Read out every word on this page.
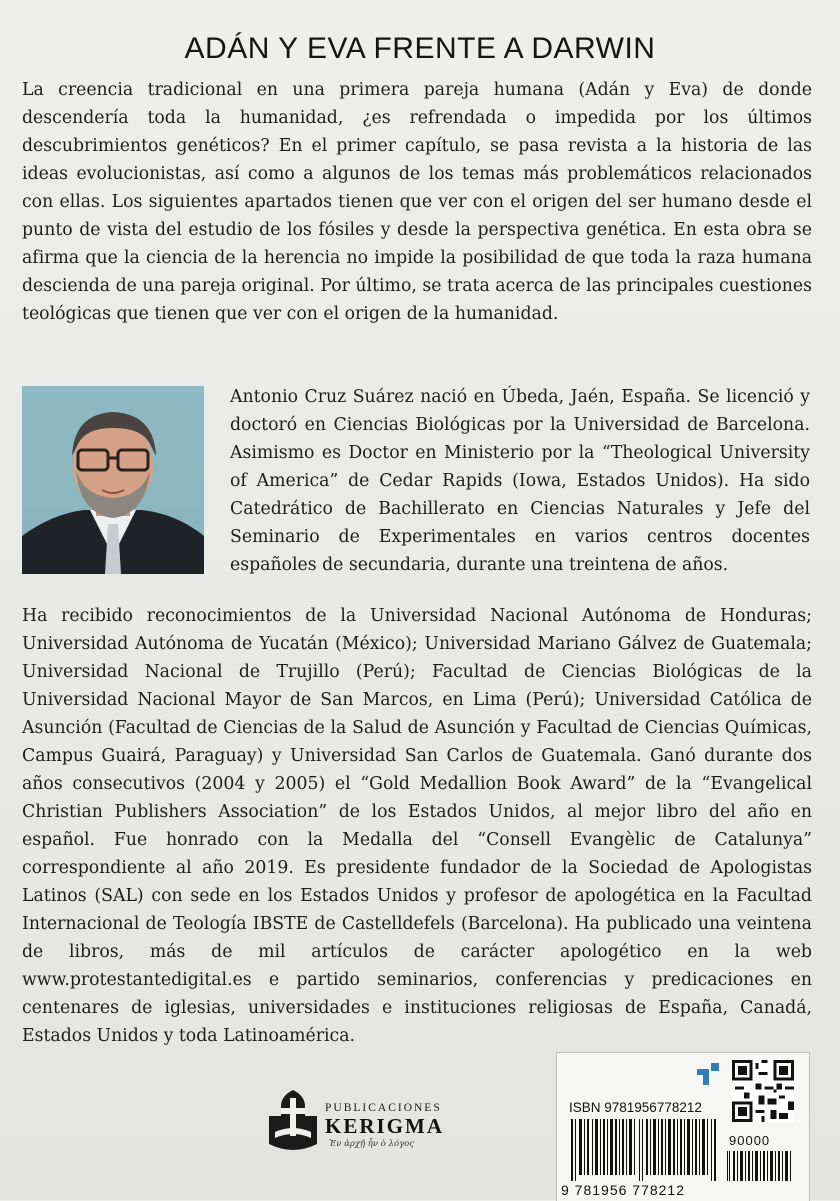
ADÁN Y EVA FRENTE A DARWIN

La creencia tradicional en una primera pareja humana (Adán y Eva) de donde descendería toda la humanidad, ¿es refrendada o impedida por los últimos descubrimientos genéticos? En el primer capítulo, se pasa revista a la historia de las ideas evolucionistas, así como a algunos de los temas más problemáticos relacionados con ellas. Los siguientes apartados tienen que ver con el origen del ser humano desde el punto de vista del estudio de los fósiles y desde la perspectiva genética. En esta obra se afirma que la ciencia de la herencia no impide la posibilidad de que toda la raza humana descienda de una pareja original. Por último, se trata acerca de las principales cuestiones teológicas que tienen que ver con el origen de la humanidad.

Antonio Cruz Suárez nació en Úbeda, Jaén, España. Se licenció y doctoró en Ciencias Biológicas por la Universidad de Barcelona. Asimismo es Doctor en Ministerio por la “Theological University of America” de Cedar Rapids (Iowa, Estados Unidos). Ha sido Catedrático de Bachillerato en Ciencias Naturales y Jefe del Seminario de Experimentales en varios centros docentes españoles de secundaria, durante una treintena de años.

Ha recibido reconocimientos de la Universidad Nacional Autónoma de Honduras; Universidad Autónoma de Yucatán (México); Universidad Mariano Gálvez de Guatemala; Universidad Nacional de Trujillo (Perú); Facultad de Ciencias Biológicas de la Universidad Nacional Mayor de San Marcos, en Lima (Perú); Universidad Católica de Asunción (Facultad de Ciencias de la Salud de Asunción y Facultad de Ciencias Químicas, Campus Guairá, Paraguay) y Universidad San Carlos de Guatemala. Ganó durante dos años consecutivos (2004 y 2005) el “Gold Medallion Book Award” de la “Evangelical Christian Publishers Association” de los Estados Unidos, al mejor libro del año en español. Fue honrado con la Medalla del “Consell Evangèlic de Catalunya” correspondiente al año 2019. Es presidente fundador de la Sociedad de Apologistas Latinos (SAL) con sede en los Estados Unidos y profesor de apologética en la Facultad Internacional de Teología IBSTE de Castelldefels (Barcelona). Ha publicado una veintena de libros, más de mil artículos de carácter apologético en la web www.protestantedigital.es e partido seminarios, conferencias y predicaciones en centenares de iglesias, universidades e instituciones religiosas de España, Canadá, Estados Unidos y toda Latinoamérica.

PUBLICACIONES
KERIGMA
Ἐν ἀρχῇ ἦν ὁ λόγος
ISBN 9781956778212
90000
9 781956 778212
